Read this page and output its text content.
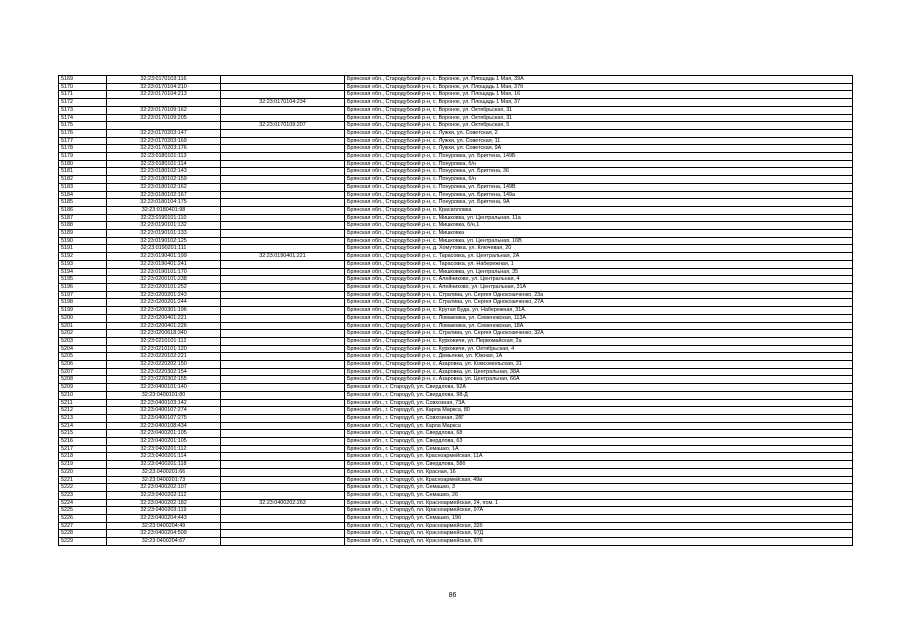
5169	32:23:0170103:116		Брянская обл., Стародубский р-н, с. Воронок, ул. Площадь 1 Мая, 39А
5170	32:23:0170104:210		Брянская обл., Стародубский р-н, с. Воронок, ул. Площадь 1 Мая, 37б
5171	32:23:0170104:213		Брянская обл., Стародубский р-н, с. Воронок, ул. Площадь 1 Мая, 16
5172		32:23:0170104:234	Брянская обл., Стародубский р-н, с. Воронок, ул. Площадь 1 Мая, 37
5173	32:23:0170109:162		Брянская обл., Стародубский р-н, с. Воронок, ул. Октябрьская, 31
5174	32:23:0170109:205		Брянская обл., Стародубский р-н, с. Воронок, ул. Октябрьская, 31
5175		32:23:0170109:207	Брянская обл., Стародубский р-н, с. Воронок, ул. Октябрьская, 5
5176	32:23:0170203:147		Брянская обл., Стародубский р-н, с. Лужки, ул. Советская, 2
5177	32:23:0170203:169		Брянская обл., Стародубский р-н, с. Лужки, ул. Советская, 11
5178	32:23:0170203:176		Брянская обл., Стародубский р-н, с. Лужки, ул. Советская, 9А
5179	32:23:0180101:113		Брянская обл., Стародубский р-н, с. Понуровка, ул. Бригтена, 149Б
5180	32:23:0180101:114		Брянская обл., Стародубский р-н, с. Понуровка, б/н
5181	32:23:0180102:143		Брянская обл., Стародубский р-н, с. Понуровка, ул. Бригтена, 36
5182	32:23:0180102:159		Брянская обл., Стародубский р-н, с. Понуровка, б/н
5183	32:23:0180102:162		Брянская обл., Стародубский р-н, с. Понуровка, ул. Бригтена, 149В
5184	32:23:0180102:167		Брянская обл., Стародубский р-н, с. Понуровка, ул. Бригтена, 149а
5185	32:23:0180104:175		Брянская обл., Стародубский р-н, с. Понуровка, ул. Бригтена, 9А
5186	32:23:0180401:98		Брянская обл., Стародубский р-н, п. Красилловка
5187	32:23:0190101:110		Брянская обл., Стародубский р-н, с. Мишковка, ул. Центральная, 11а
5188	32:23:0190101:132		Брянская обл., Стародубский р-н, с. Мишковка, б/н,1
5189	32:23:0190101:133		Брянская обл., Стародубский р-н, с. Мишковка
5190	32:23:0190102:125		Брянская обл., Стародубский р-н, с. Мишковка, ул. Центральная, 16В
5191	32:23:0190201:111		Брянская обл., Стародубский р-н, д. Хомутовка, ул. Ключевая, 20
5192	32:23:0190401:199	32:23:0190401:221	Брянская обл., Стародубский р-н, с. Тарасовка, ул. Центральная, 2А
5193	32:23:0190401:241		Брянская обл., Стародубский р-н, с. Тарасовка, ул. Набережная, 1
5194	32:23:0190101:170		Брянская обл., Стародубский р-н, с. Мишковка, ул. Центральная, 35
5195	32:23:0200101:238		Брянская обл., Стародубский р-н, с. Алейниково, ул. Центральная, 4
5196	32:23:0200101:252		Брянская обл., Стародубский р-н, с. Алейниково, ул. Центральная, 31А
5197	32:23:0200201:243		Брянская обл., Стародубский р-н, с. Стратива, ул. Сергея Однокозиченко, 23а
5198	32:23:0200201:244		Брянская обл., Стародубский р-н, с. Стратива, ул. Сергея Однокозиченко, 27А
5199	32:23:0200301:196		Брянская обл., Стародубский р-н, с. Крутая Буда, ул. Набережная, 31А
5200	32:23:0200401:221		Брянская обл., Стародубский р-н, с. Ломаковка, ул. Семеновская, 113А
5201	32:23:0200401:226		Брянская обл., Стародубский р-н, с. Ломаковка, ул. Семеновская, 18А
5202	32:23:0200618:340		Брянская обл., Стародубский р-н, с. Стратива, ул. Сергея Однокозиченко, 32А
5203	32:23:0210101:112		Брянская обл., Стародубский р-н, с. Курковичи, ул. Первомайская, 2а
5204	32:23:0210101:120		Брянская обл., Стародубский р-н, с. Курковичи, ул. Октябрьская, 4
5205	32:23:0220102:221		Брянская обл., Стародубский р-н, с. Демьянки, ул. Южная, 1А
5206	32:23:0220202:150		Брянская обл., Стародубский р-н, с. Азаровка, ул. Комсомольская, 21
5207	32:23:0220302:154		Брянская обл., Стародубский р-н, с. Азаровка, ул. Центральная, 38А
5208	32:23:0220302:155		Брянская обл., Стародубский р-н, с. Азаровка, ул. Центральная, 66А
5209	32:23:0400101:140		Брянская обл., г. Стародуб, ул. Свердлова, 92А
5210	32:23:0400101:80		Брянская обл., г. Стародуб, ул. Свердлова, 98-Д
5211	32:23:0400103:142		Брянская обл., г. Стародуб, ул. Совхозная, 73А
5212	32:23:0400107:274		Брянская обл., г. Стародуб, ул. Карла Маркса, 80
5213	32:23:0400107:275		Брянская обл., г. Стародуб, ул. Совхозная, 28Г
5214	32:23:0400108:434		Брянская обл., г. Стародуб, ул. Карла Маркса
5215	32:23:0400201:105		Брянская обл., г. Стародуб, ул. Свердлова, 68
5216	32:23:0400201:105		Брянская обл., г. Стародуб, ул. Свердлова, 63
5217	32:23:0400201:112		Брянская обл., г. Стародуб, ул. Семашко, 1А
5218	32:23:0400201:114		Брянская обл., г. Стародуб, ул. Красноармейская, 11А
5219	32:23:0400201:118		Брянская обл., г. Стародуб, ул. Свердлова, 58б
5220	32:23:0400201:66		Брянская обл., г. Стародуб, пл. Красная, 16
5221	32:23:0400201:73		Брянская обл., г. Стародуб, ул. Красноармейская, 49в
5222	32:23:0400202:107		Брянская обл., г. Стародуб, ул. Семашко, 3
5223	32:23:0400202:112		Брянская обл., г. Стародуб, ул. Семашко, 26
5224	32:23:0400202:182	32:23:0400202:263	Брянская обл., г. Стародуб, пл. Красноармейская, 24, пом. 1
5225	32:23:0400203:119		Брянская обл., г. Стародуб, пл. Красноармейская, 97А
5226	32:23:0400204:443		Брянская обл., г. Стародуб, ул. Семашко, 19б
5227	32:23:0400204:49		Брянская обл., г. Стародуб, пл. Красноармейская, 32б
5228	32:23:0400204:509		Брянская обл., г. Стародуб, пл. Красноармейская, 97Д
5229	32:23:0400204:67		Брянская обл., г. Стародуб, пл. Красноармейская, 97б
86
